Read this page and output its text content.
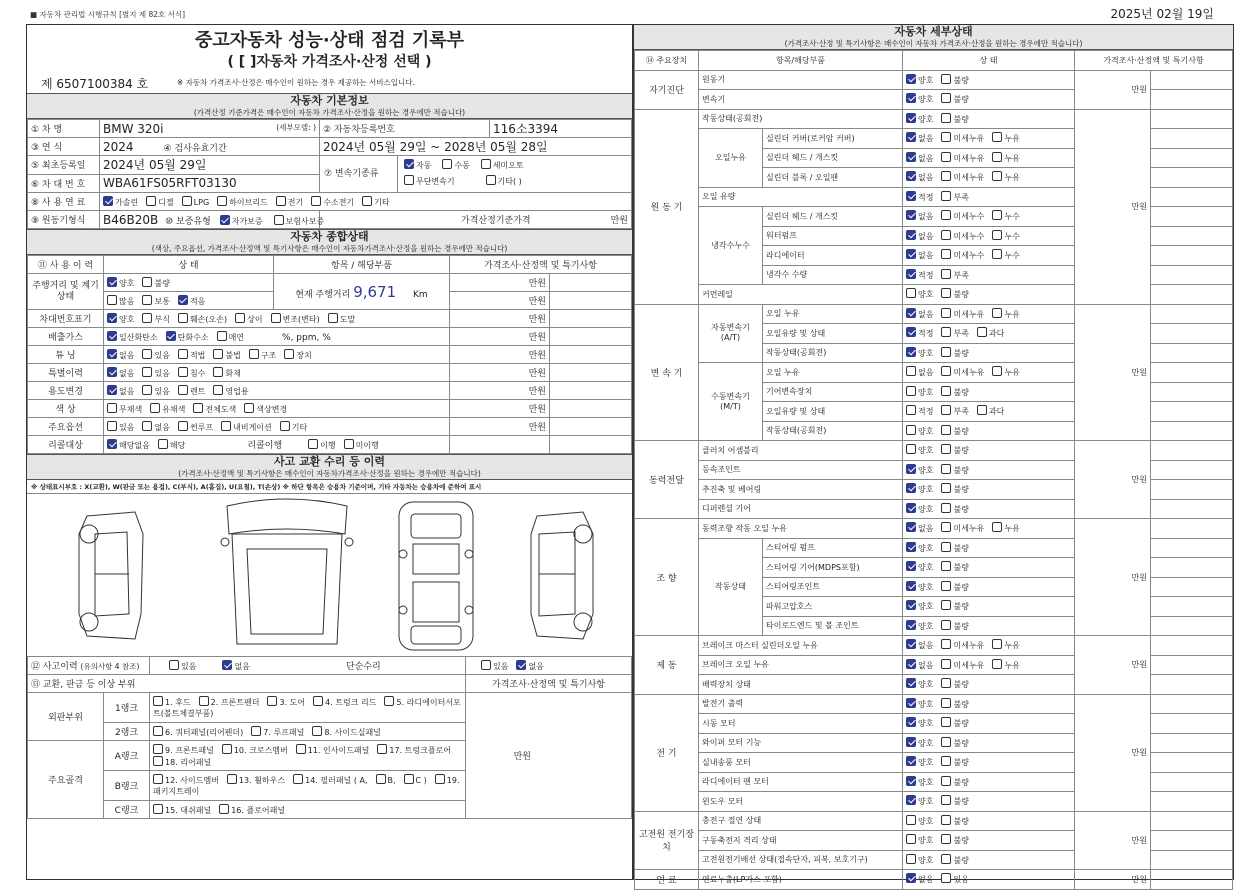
■ 자동차 관리법 시행규칙 [별지 제 82호 서식]	2025년 02월 19일
중고자동차 성능·상태 점검 기록부
( [ ]자동차 가격조사·산정 선택 )
제 6507100384 호	※ 자동차 가격조사·산정은 매수인이 원하는 경우 제공하는 서비스입니다.
자동차 기본정보
(가격산정 기준가격은 매수인이 자동차 가격조사·산정을 원하는 경우에만 적습니다)
① 차 명	BMW 320i (세부모델: )	② 자동차등록번호	116소3394
③ 연 식	2024 ④ 검사유효기간	2024년 05월 29일 ~ 2028년 05월 28일	
⑤ 최초등록일	2024년 05월 29일	⑦ 변속기종류
자동 수동 세미오토
무단변속기 기타( )	

⑥ 차 대 번 호	WBA61FS05RFT03130		
⑧ 사 용 연 료	가솔린 디젤 LPG 하이브리드 전기 수소전기 기타		
⑨ 원동기형식	B46B20B ⑩ 보증유형 자가보증 보험사보증	가격산정기준가격 만원	
자동차 종합상태
(색상, 주요옵션, 가격조사·산정액 및 특기사항은 매수인이 자동차가격조사·산정을 원하는 경우에만 적습니다)
⑪ 사 용 이 력	상 태	항목 / 해당부품	가격조사·산정액 및 특기사항	
주행거리 및 계기상태	양호 불량	현재 주행거리 9,671 Km	만원	
	많음 보통 적음		만원	
차대번호표기	양호 부식 훼손(오손) 상이 변조(변타) 도말		만원	
배출가스	일산화탄소 탄화수소 매연 %, ppm, %		만원	
튜 닝	없음 있음 적법 불법 구조 장치		만원	
특별이력	없음 있음 침수 화재		만원	
용도변경	없음 있음 렌트 영업용		만원	
색 상	무채색 유채색 전체도색 색상변경		만원	
주요옵션	있음 없음 썬루프 내비게이션 기타		만원	
리콜대상	해당없음 해당 리콜이행 이행 미이행			
사고 교환 수리 등 이력
(가격조사·산정액 및 특기사항은 매수인이 자동차가격조사·산정을 원하는 경우에만 적습니다)
※ 상태표시부호 : X(교환), W(판금 또는 용접), C(부식), A(흠집), U(요철), T(손상) ※ 하단 항목은 승용차 기준이며, 기타 자동차는 승용차에 준하여 표시
⑫ 사고이력 (유의사항 4 참조)		있음 없음 단순수리	있음 없음
⑬ 교환, 판금 등 이상 부위			가격조사·산정액 및 특기사항
외판부위	1랭크	1. 후드 2. 프론트펜더 3. 도어 4. 트렁크 리드 5. 라디에이터서포트(볼트체결부품)	만원
	2랭크	6. 쿼터패널(리어펜더) 7. 루프패널 8. 사이드실패널	
주요골격	A랭크	9. 프론트패널 10. 크로스멤버 11. 인사이드패널 17. 트렁크플로어18. 리어패널	
	B랭크	12. 사이드멤버 13. 휠하우스 14. 필러패널 ( A, B, C ) 19. 패키지트레이	
	C랭크	15. 대쉬패널 16. 플로어패널	
자동차 세부상태
(가격조사·산정 및 특기사항은 매수인이 자동차 가격조사·산정을 원하는 경우에만 적습니다)
⑭ 주요장치	항목/해당부품		상 태	가격조사·산정액 및 특기사항	
자기진단	원동기		양호 불량	만원	
	변속기		양호 불량		
원 동 기	작동상태(공회전)		양호 불량	만원	
	오일누유	실린더 커버(로커암 커버)	없음 미세누유 누유		
		실린더 헤드 / 개스킷	없음 미세누유 누유		
		실린더 블록 / 오일팬	없음 미세누유 누유		
	오일 유량		적정 부족		
	냉각수누수	실린더 헤드 / 개스킷	없음 미세누수 누수		
		워터펌프	없음 미세누수 누수		
		라디에이터	없음 미세누수 누수		
		냉각수 수량	적정 부족		
	커먼레일		양호 불량		
변 속 기	자동변속기 (A/T)	오일 누유	없음 미세누유 누유	만원	
		오일유량 및 상태	적정 부족 과다		
		작동상태(공회전)	양호 불량		
	수동변속기 (M/T)	오일 누유	없음 미세누유 누유		
		기어변속장치	양호 불량		
		오일유량 및 상태	적정 부족 과다		
		작동상태(공회전)	양호 불량		
동력전달	클러치 어셈블리		양호 불량	만원	
	등속조인트		양호 불량		
	추진축 및 베어링		양호 불량		
	디퍼렌셜 기어		양호 불량		
조 향	동력조향 작동 오일 누유		없음 미세누유 누유	만원	
	작동상태	스티어링 펌프	양호 불량		
		스티어링 기어(MDPS포함)	양호 불량		
		스티어링조인트	양호 불량		
		파워고압호스	양호 불량		
		타이로드엔드 및 볼 조인트	양호 불량		
제 동	브레이크 마스터 실린더오일 누유		없음 미세누유 누유	만원	
	브레이크 오일 누유		없음 미세누유 누유		
	배력장치 상태		양호 불량		
전 기	발전기 출력		양호 불량	만원	
	시동 모터		양호 불량		
	와이퍼 모터 기능		양호 불량		
	실내송풍 모터		양호 불량		
	라디에이터 팬 모터		양호 불량		
	윈도우 모터		양호 불량		
고전원 전기장치	충전구 절연 상태		양호 불량	만원	
	구동축전지 격리 상태		양호 불량		
	고전원전기배선 상태(접속단자, 피복, 보호기구)		양호 불량		
연 료	연료누출(LP가스 포함)		없음 있음	만원	
